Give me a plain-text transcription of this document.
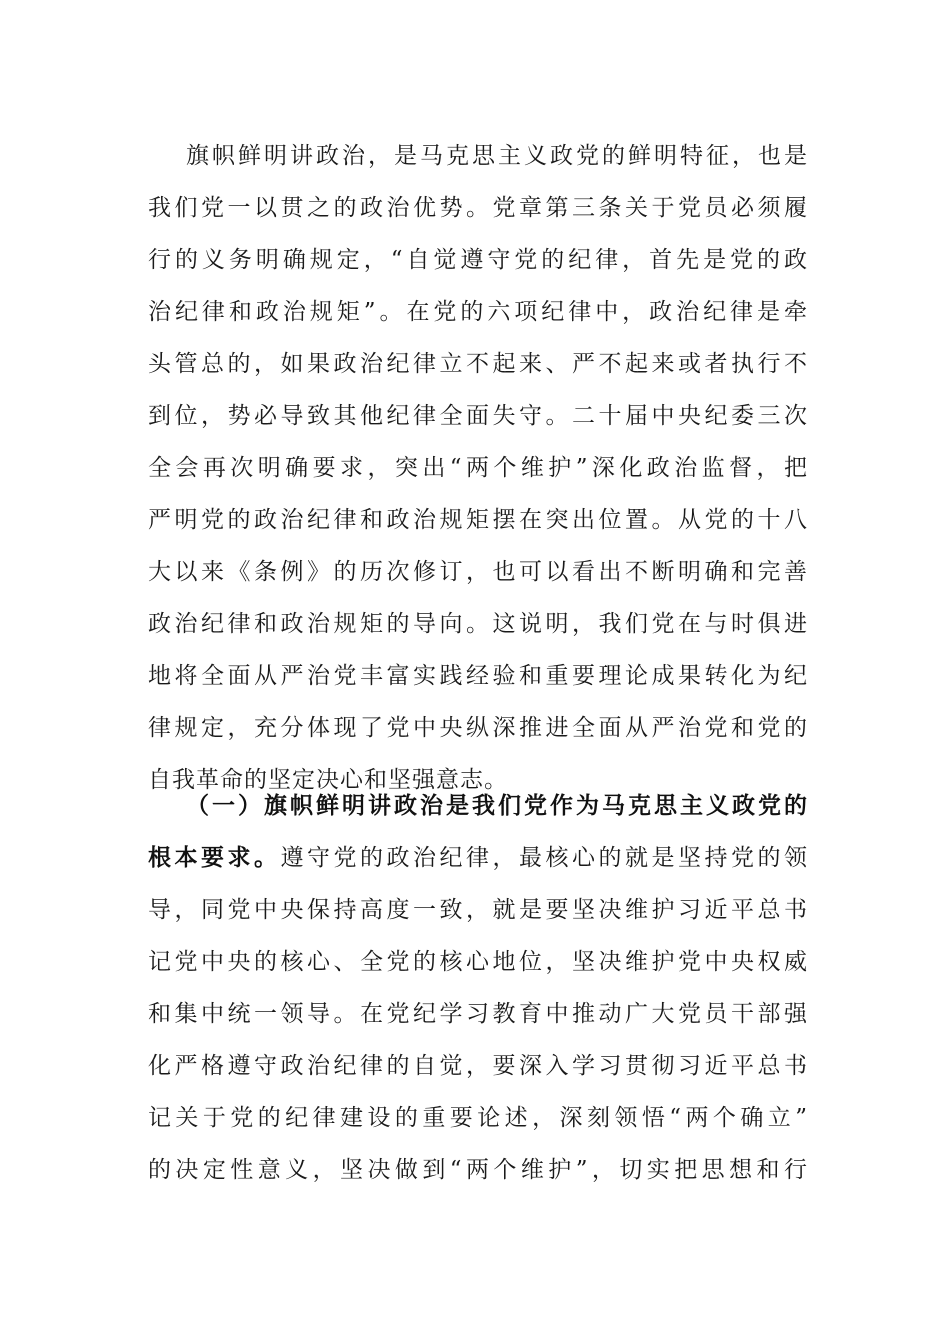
旗帜鲜明讲政治，是马克思主义政党的鲜明特征，也是
我们党一以贯之的政治优势。党章第三条关于党员必须履
行的义务明确规定，“自觉遵守党的纪律，首先是党的政
治纪律和政治规矩”。在党的六项纪律中，政治纪律是牵
头管总的，如果政治纪律立不起来、严不起来或者执行不
到位，势必导致其他纪律全面失守。二十届中央纪委三次
全会再次明确要求，突出“两个维护”深化政治监督，把
严明党的政治纪律和政治规矩摆在突出位置。从党的十八
大以来《条例》的历次修订，也可以看出不断明确和完善
政治纪律和政治规矩的导向。这说明，我们党在与时俱进
地将全面从严治党丰富实践经验和重要理论成果转化为纪
律规定，充分体现了党中央纵深推进全面从严治党和党的
自我革命的坚定决心和坚强意志。
（一）旗帜鲜明讲政治是我们党作为马克思主义政党的
根本要求。遵守党的政治纪律，最核心的就是坚持党的领
导，同党中央保持高度一致，就是要坚决维护习近平总书
记党中央的核心、全党的核心地位，坚决维护党中央权威
和集中统一领导。在党纪学习教育中推动广大党员干部强
化严格遵守政治纪律的自觉，要深入学习贯彻习近平总书
记关于党的纪律建设的重要论述，深刻领悟“两个确立”
的决定性意义，坚决做到“两个维护”，切实把思想和行
